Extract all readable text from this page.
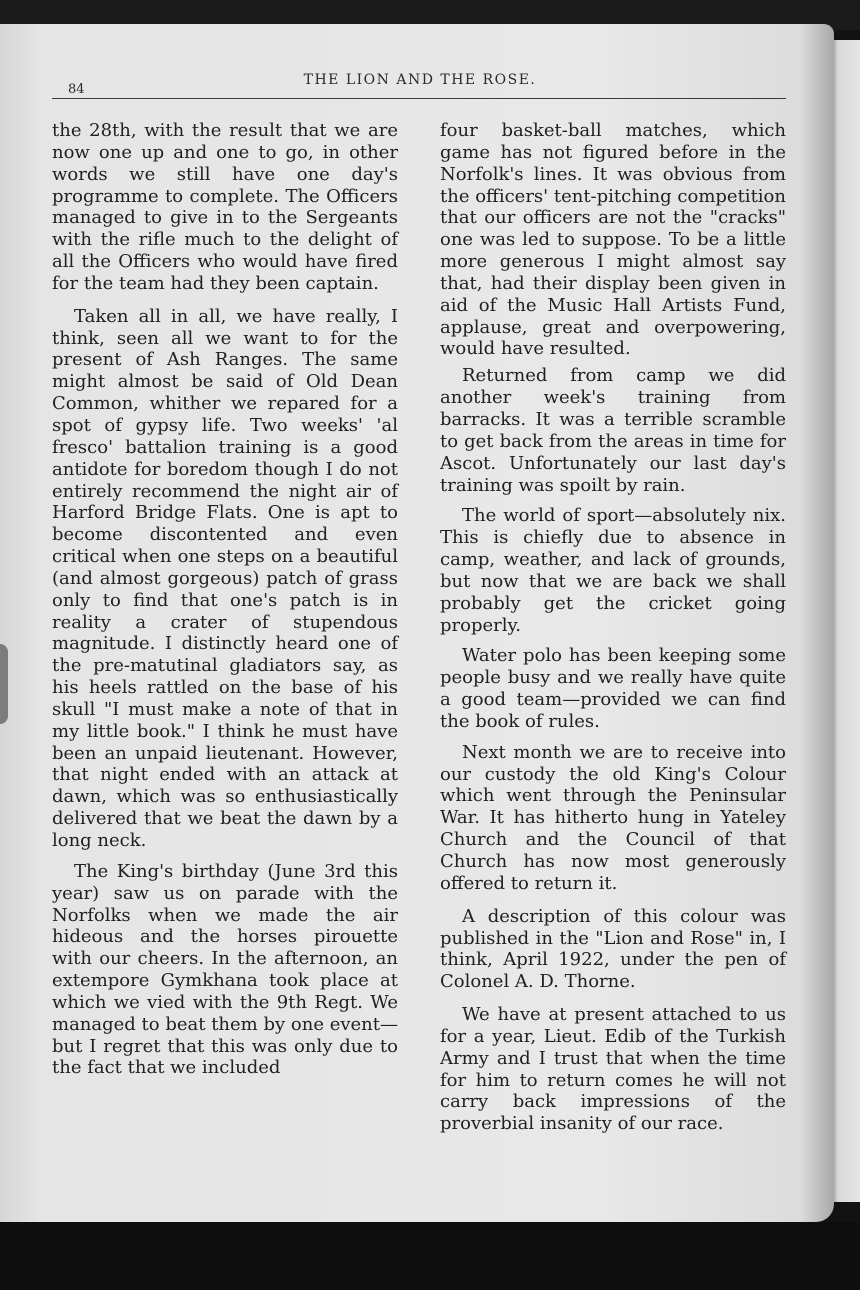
84
THE LION AND THE ROSE.

the 28th, with the result that we are now one up and one to go, in other words we still have one day's programme to complete. The Officers managed to give in to the Sergeants with the rifle much to the delight of all the Officers who would have fired for the team had they been captain.

Taken all in all, we have really, I think, seen all we want to for the present of Ash Ranges. The same might almost be said of Old Dean Common, whither we repared for a spot of gypsy life. Two weeks' 'al fresco' battalion training is a good antidote for boredom though I do not entirely recommend the night air of Harford Bridge Flats. One is apt to become discontented and even critical when one steps on a beautiful (and almost gorgeous) patch of grass only to find that one's patch is in reality a crater of stupendous magnitude. I distinctly heard one of the pre-matutinal gladiators say, as his heels rattled on the base of his skull "I must make a note of that in my little book." I think he must have been an unpaid lieutenant. However, that night ended with an attack at dawn, which was so enthusiastically delivered that we beat the dawn by a long neck.

The King's birthday (June 3rd this year) saw us on parade with the Norfolks when we made the air hideous and the horses pirouette with our cheers. In the afternoon, an extempore Gymkhana took place at which we vied with the 9th Regt. We managed to beat them by one event—but I regret that this was only due to the fact that we included

four basket-ball matches, which game has not figured before in the Norfolk's lines. It was obvious from the officers' tent-pitching competition that our officers are not the "cracks" one was led to suppose. To be a little more generous I might almost say that, had their display been given in aid of the Music Hall Artists Fund, applause, great and overpowering, would have resulted.

Returned from camp we did another week's training from barracks. It was a terrible scramble to get back from the areas in time for Ascot. Unfortunately our last day's training was spoilt by rain.

The world of sport—absolutely nix. This is chiefly due to absence in camp, weather, and lack of grounds, but now that we are back we shall probably get the cricket going properly.

Water polo has been keeping some people busy and we really have quite a good team—provided we can find the book of rules.

Next month we are to receive into our custody the old King's Colour which went through the Peninsular War. It has hitherto hung in Yateley Church and the Council of that Church has now most generously offered to return it.

A description of this colour was published in the "Lion and Rose" in, I think, April 1922, under the pen of Colonel A. D. Thorne.

We have at present attached to us for a year, Lieut. Edib of the Turkish Army and I trust that when the time for him to return comes he will not carry back impressions of the proverbial insanity of our race.
